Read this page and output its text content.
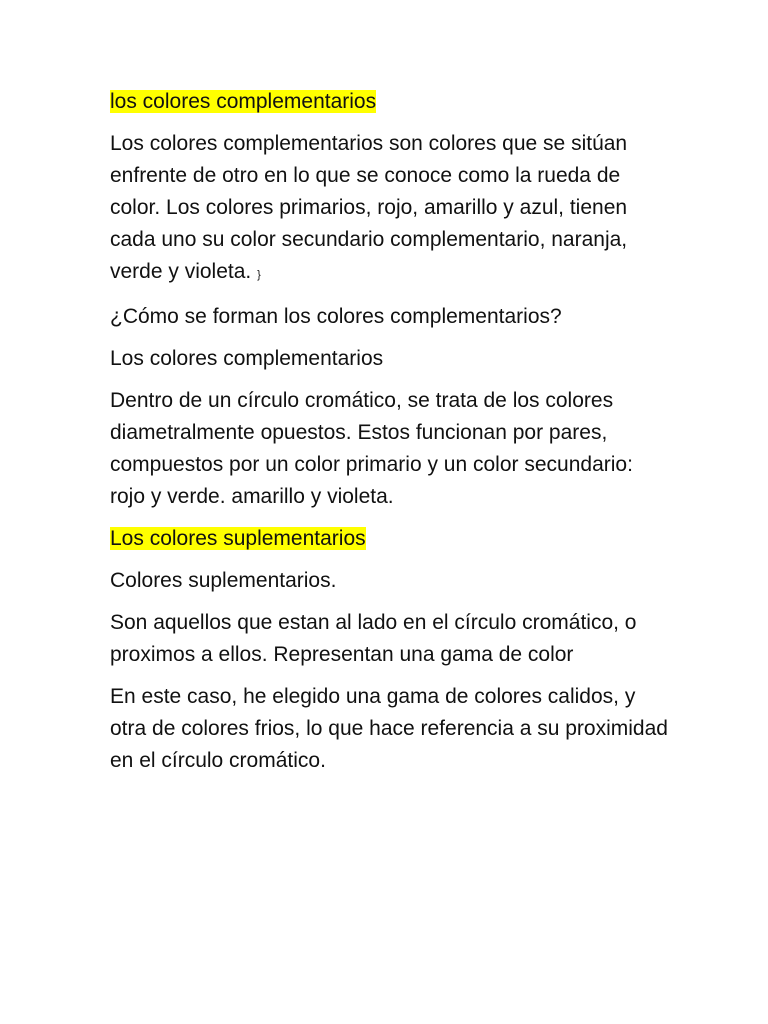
los colores complementarios

Los colores complementarios son colores que se sitúan enfrente de otro en lo que se conoce como la rueda de color. Los colores primarios, rojo, amarillo y azul, tienen cada uno su color secundario complementario, naranja, verde y violeta. }

¿Cómo se forman los colores complementarios?

Los colores complementarios

Dentro de un círculo cromático, se trata de los colores diametralmente opuestos. Estos funcionan por pares, compuestos por un color primario y un color secundario: rojo y verde. amarillo y violeta.

Los colores suplementarios

Colores suplementarios.

Son aquellos que estan al lado en el círculo cromático, o proximos a ellos. Representan una gama de color

En este caso, he elegido una gama de colores calidos, y otra de colores frios, lo que hace referencia a su proximidad en el círculo cromático.
